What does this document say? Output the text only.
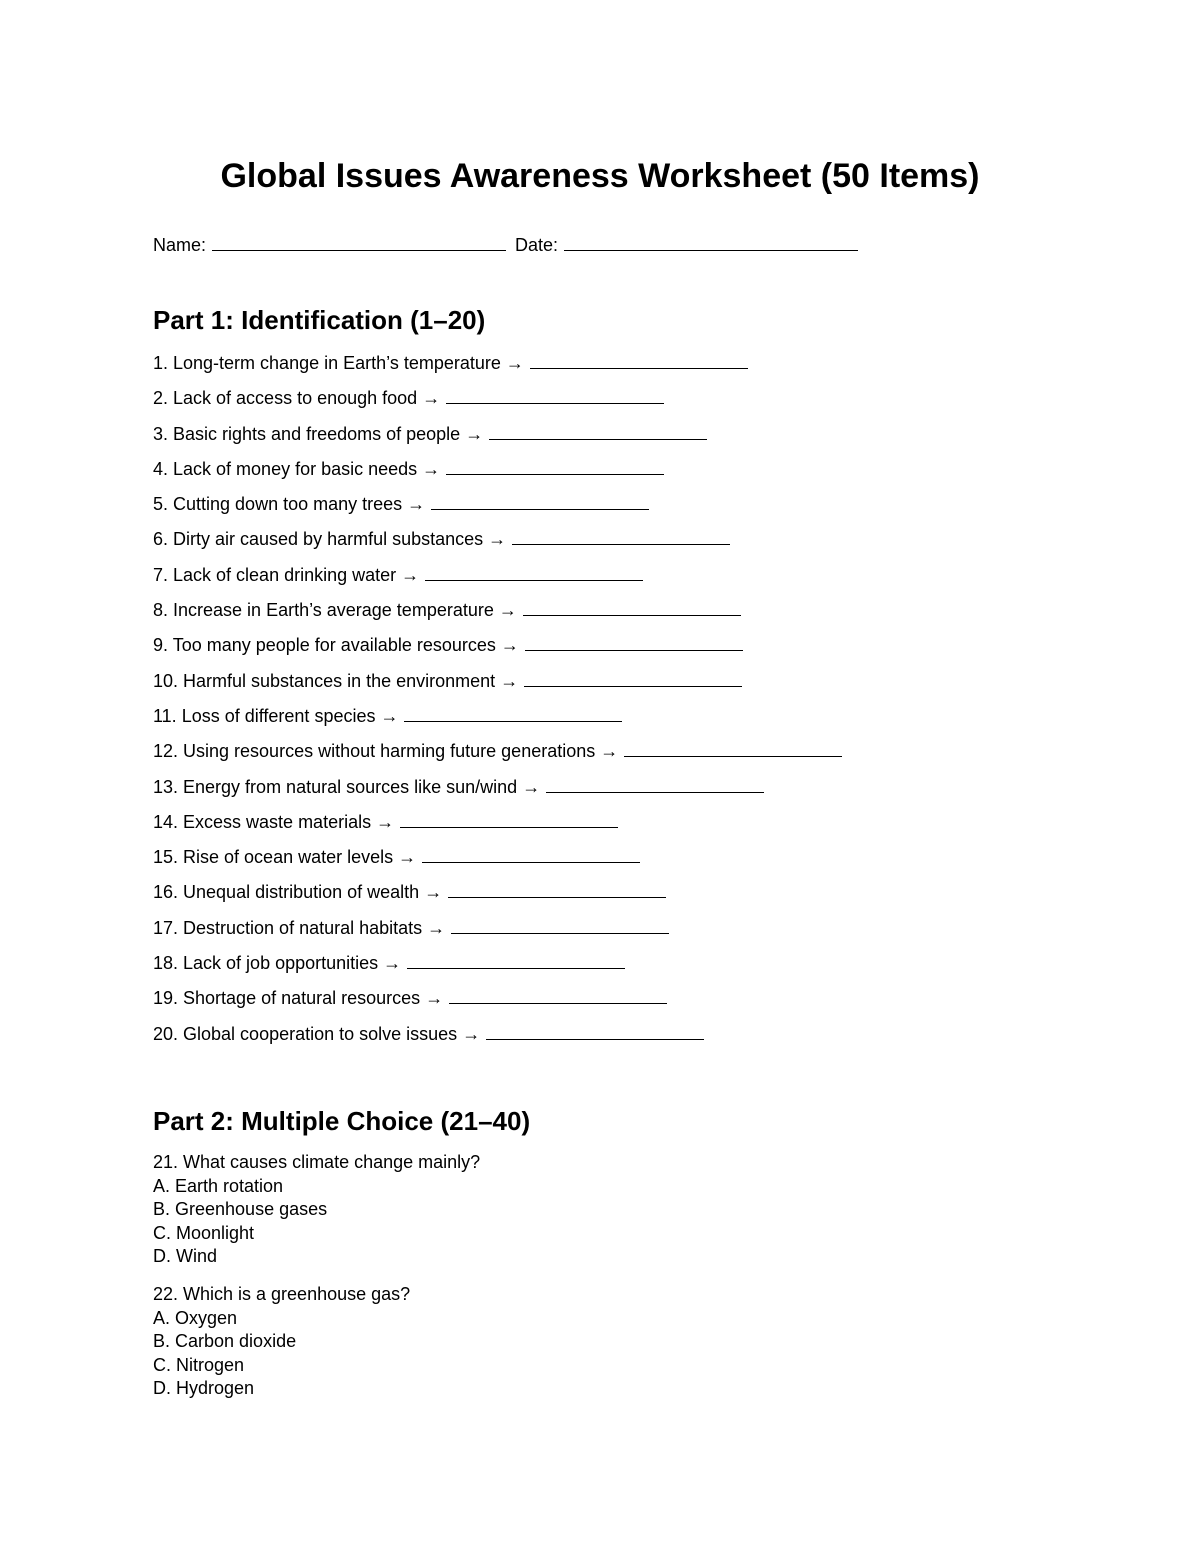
Global Issues Awareness Worksheet (50 Items)
Name:	Date:
Part 1: Identification (1–20)
1. Long-term change in Earth’s temperature →
2. Lack of access to enough food →
3. Basic rights and freedoms of people →
4. Lack of money for basic needs →
5. Cutting down too many trees →
6. Dirty air caused by harmful substances →
7. Lack of clean drinking water →
8. Increase in Earth’s average temperature →
9. Too many people for available resources →
10. Harmful substances in the environment →
11. Loss of different species →
12. Using resources without harming future generations →
13. Energy from natural sources like sun/wind →
14. Excess waste materials →
15. Rise of ocean water levels →
16. Unequal distribution of wealth →
17. Destruction of natural habitats →
18. Lack of job opportunities →
19. Shortage of natural resources →
20. Global cooperation to solve issues →
Part 2: Multiple Choice (21–40)
21. What causes climate change mainly?
A. Earth rotation
B. Greenhouse gases
C. Moonlight
D. Wind
22. Which is a greenhouse gas?
A. Oxygen
B. Carbon dioxide
C. Nitrogen
D. Hydrogen
